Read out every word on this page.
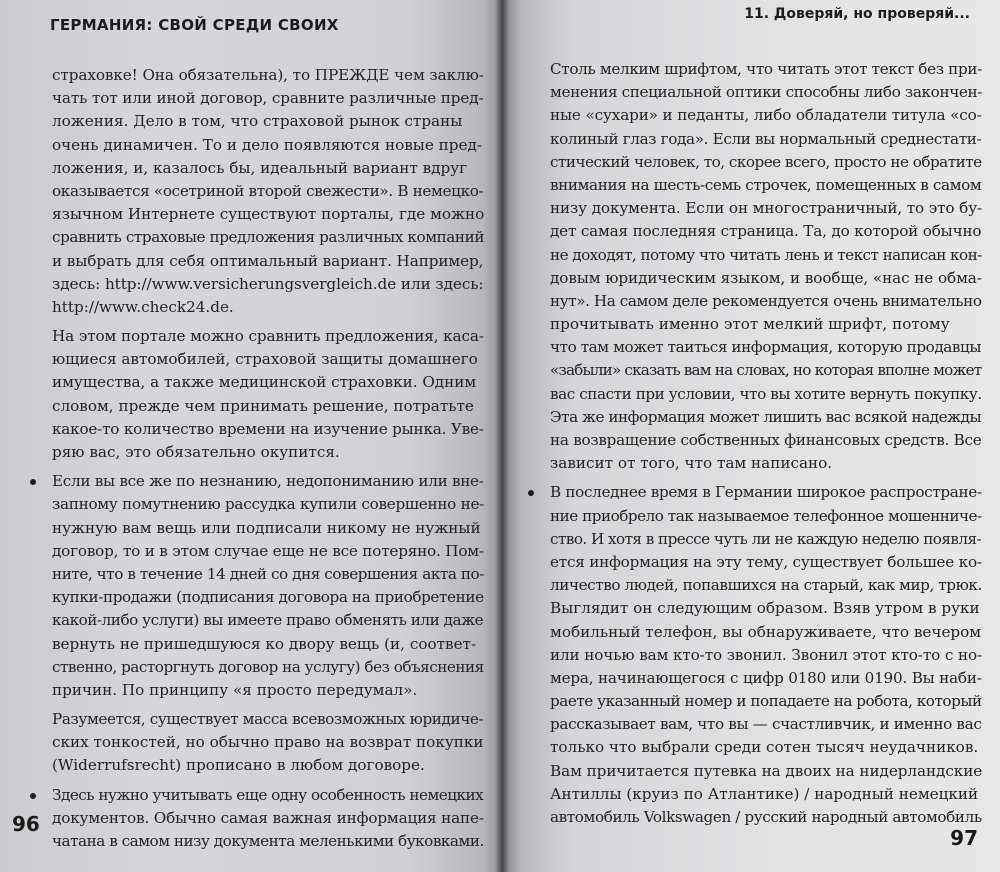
ГЕРМАНИЯ: СВОЙ СРЕДИ СВОИХ
страховке! Она обязательна), то ПРЕЖДЕ чем заклю-
чать тот или иной договор, сравните различные пред-
ложения. Дело в том, что страховой рынок страны
очень динамичен. То и дело появляются новые пред-
ложения, и, казалось бы, идеальный вариант вдруг
оказывается «осетриной второй свежести». В немецко-
язычном Интернете существуют порталы, где можно
сравнить страховые предложения различных компаний
и выбрать для себя оптимальный вариант. Например,
здесь: http://www.versicherungsvergleich.de или здесь:
http://www.check24.de.
На этом портале можно сравнить предложения, каса-
ющиеся автомобилей, страховой защиты домашнего
имущества, а также медицинской страховки. Одним
словом, прежде чем принимать решение, потратьте
какое-то количество времени на изучение рынка. Уве-
ряю вас, это обязательно окупится.
Если вы все же по незнанию, недопониманию или вне-
запному помутнению рассудка купили совершенно не-
нужную вам вещь или подписали никому не нужный
договор, то и в этом случае еще не все потеряно. Пом-
ните, что в течение 14 дней со дня совершения акта по-
купки-продажи (подписания договора на приобретение
какой-либо услуги) вы имеете право обменять или даже
вернуть не пришедшуюся ко двору вещь (и, соответ-
ственно, расторгнуть договор на услугу) без объяснения
причин. По принципу «я просто передумал».
Разумеется, существует масса всевозможных юридиче-
ских тонкостей, но обычно право на возврат покупки
(Widerrufsrecht) прописано в любом договоре.
Здесь нужно учитывать еще одну особенность немецких
документов. Обычно самая важная информация напе-
чатана в самом низу документа меленькими буковками.
96
11. Доверяй, но проверяй...
Столь мелким шрифтом, что читать этот текст без при-
менения специальной оптики способны либо закончен-
ные «сухари» и педанты, либо обладатели титула «со-
колиный глаз года». Если вы нормальный среднестати-
стический человек, то, скорее всего, просто не обратите
внимания на шесть-семь строчек, помещенных в самом
низу документа. Если он многостраничный, то это бу-
дет самая последняя страница. Та, до которой обычно
не доходят, потому что читать лень и текст написан кон-
довым юридическим языком, и вообще, «нас не обма-
нут». На самом деле рекомендуется очень внимательно
прочитывать именно этот мелкий шрифт, потому
что там может таиться информация, которую продавцы
«забыли» сказать вам на словах, но которая вполне может
вас спасти при условии, что вы хотите вернуть покупку.
Эта же информация может лишить вас всякой надежды
на возвращение собственных финансовых средств. Все
зависит от того, что там написано.
В последнее время в Германии широкое распростране-
ние приобрело так называемое телефонное мошенниче-
ство. И хотя в прессе чуть ли не каждую неделю появля-
ется информация на эту тему, существует большее ко-
личество людей, попавшихся на старый, как мир, трюк.
Выглядит он следующим образом. Взяв утром в руки
мобильный телефон, вы обнаруживаете, что вечером
или ночью вам кто-то звонил. Звонил этот кто-то с но-
мера, начинающегося с цифр 0180 или 0190. Вы наби-
раете указанный номер и попадаете на робота, который
рассказывает вам, что вы — счастливчик, и именно вас
только что выбрали среди сотен тысяч неудачников.
Вам причитается путевка на двоих на нидерландские
Антиллы (круиз по Атлантике) / народный немецкий
автомобиль Volkswagen / русский народный автомобиль
97
